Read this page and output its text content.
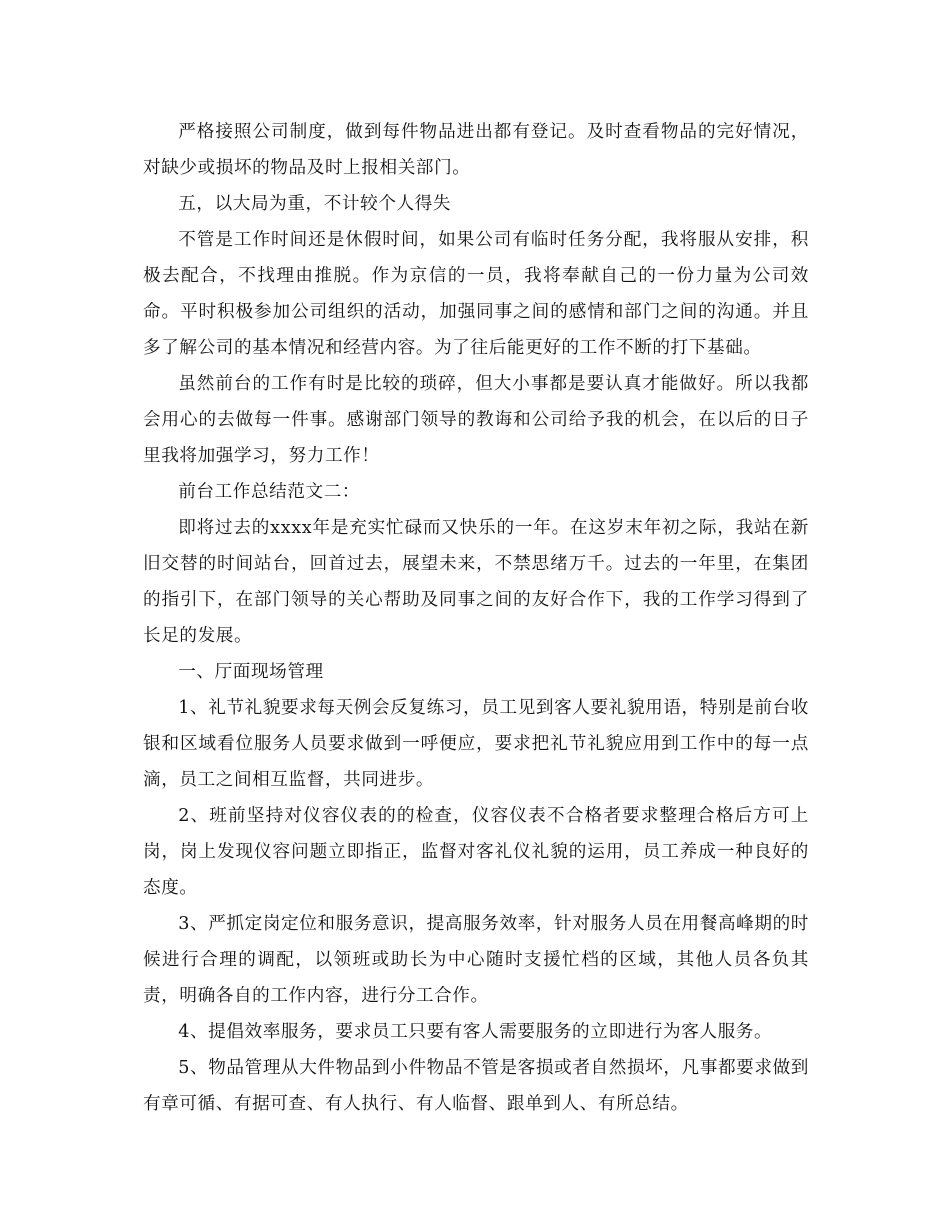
严格接照公司制度，做到每件物品进出都有登记。及时查看物品的完好情况，对缺少或损坏的物品及时上报相关部门。

五，以大局为重，不计较个人得失

不管是工作时间还是休假时间，如果公司有临时任务分配，我将服从安排，积极去配合，不找理由推脱。作为京信的一员，我将奉献自己的一份力量为公司效命。平时积极参加公司组织的活动，加强同事之间的感情和部门之间的沟通。并且多了解公司的基本情况和经营内容。为了往后能更好的工作不断的打下基础。

虽然前台的工作有时是比较的琐碎，但大小事都是要认真才能做好。所以我都会用心的去做每一件事。感谢部门领导的教诲和公司给予我的机会，在以后的日子里我将加强学习，努力工作！

前台工作总结范文二：

即将过去的xxxx年是充实忙碌而又快乐的一年。在这岁末年初之际，我站在新旧交替的时间站台，回首过去，展望未来，不禁思绪万千。过去的一年里，在集团的指引下，在部门领导的关心帮助及同事之间的友好合作下，我的工作学习得到了长足的发展。

一、厅面现场管理

1、礼节礼貌要求每天例会反复练习，员工见到客人要礼貌用语，特别是前台收银和区域看位服务人员要求做到一呼便应，要求把礼节礼貌应用到工作中的每一点滴，员工之间相互监督，共同进步。

2、班前坚持对仪容仪表的的检查，仪容仪表不合格者要求整理合格后方可上岗，岗上发现仪容问题立即指正，监督对客礼仪礼貌的运用，员工养成一种良好的态度。

3、严抓定岗定位和服务意识，提高服务效率，针对服务人员在用餐高峰期的时候进行合理的调配，以领班或助长为中心随时支援忙档的区域，其他人员各负其责，明确各自的工作内容，进行分工合作。

4、提倡效率服务，要求员工只要有客人需要服务的立即进行为客人服务。

5、物品管理从大件物品到小件物品不管是客损或者自然损坏，凡事都要求做到有章可循、有据可查、有人执行、有人临督、跟单到人、有所总结。
